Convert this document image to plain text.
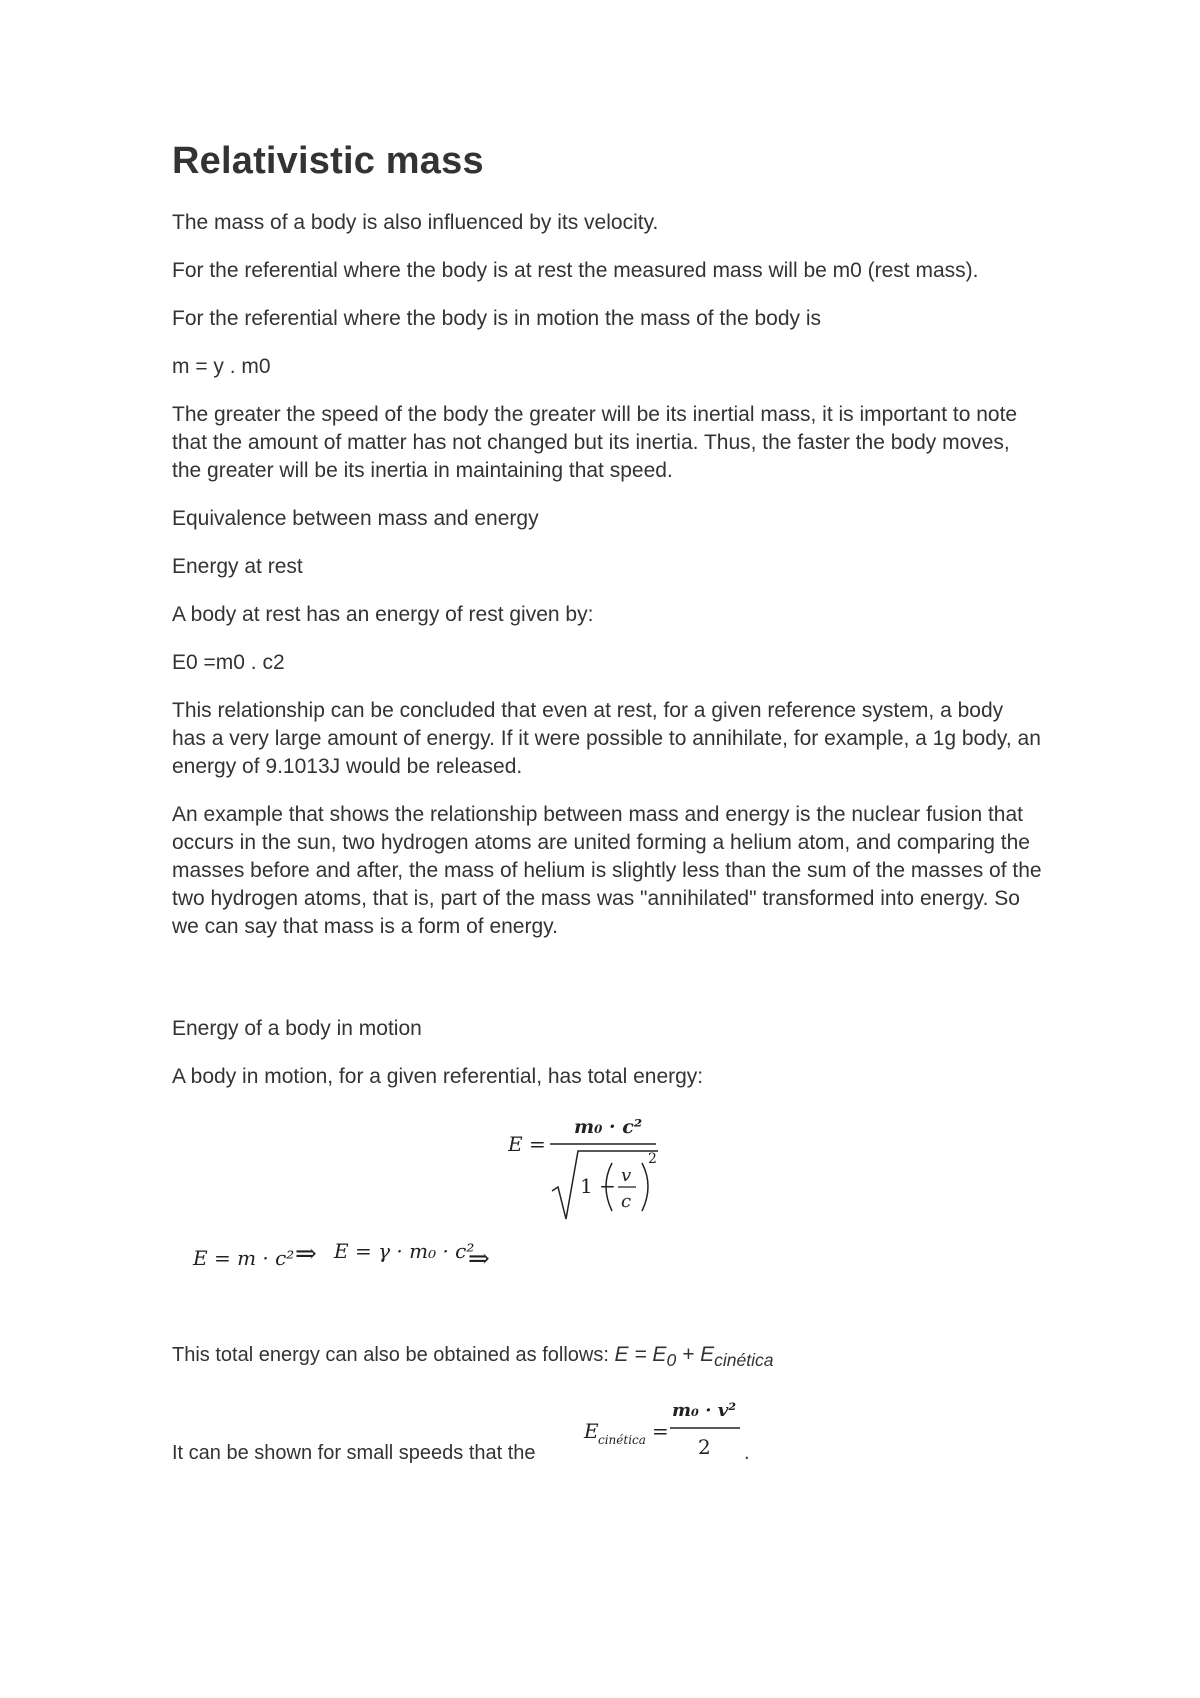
Relativistic mass

The mass of a body is also influenced by its velocity.

For the referential where the body is at rest the measured mass will be m0 (rest mass).

For the referential where the body is in motion the mass of the body is

m = y . m0

The greater the speed of the body the greater will be its inertial mass, it is important to note that the amount of matter has not changed but its inertia. Thus, the faster the body moves, the greater will be its inertia in maintaining that speed.

Equivalence between mass and energy

Energy at rest

A body at rest has an energy of rest given by:

E0 =m0 . c2

This relationship can be concluded that even at rest, for a given reference system, a body has a very large amount of energy. If it were possible to annihilate, for example, a 1g body, an energy of 9.1013J would be released.

An example that shows the relationship between mass and energy is the nuclear fusion that occurs in the sun, two hydrogen atoms are united forming a helium atom, and comparing the masses before and after, the mass of helium is slightly less than the sum of the masses of the two hydrogen atoms, that is, part of the mass was "annihilated" transformed into energy. So we can say that mass is a form of energy.

Energy of a body in motion

A body in motion, for a given referential, has total energy:

E = m · c² ⇒ E = γ · m₀ · c²
⇒
E =
m₀ · c²
1 − v
c
2

This total energy can also be obtained as follows: $E = E_0 + E_{cinética}$

It can be shown for small speeds that the
E cinética =
m₀ · v²
2 .
